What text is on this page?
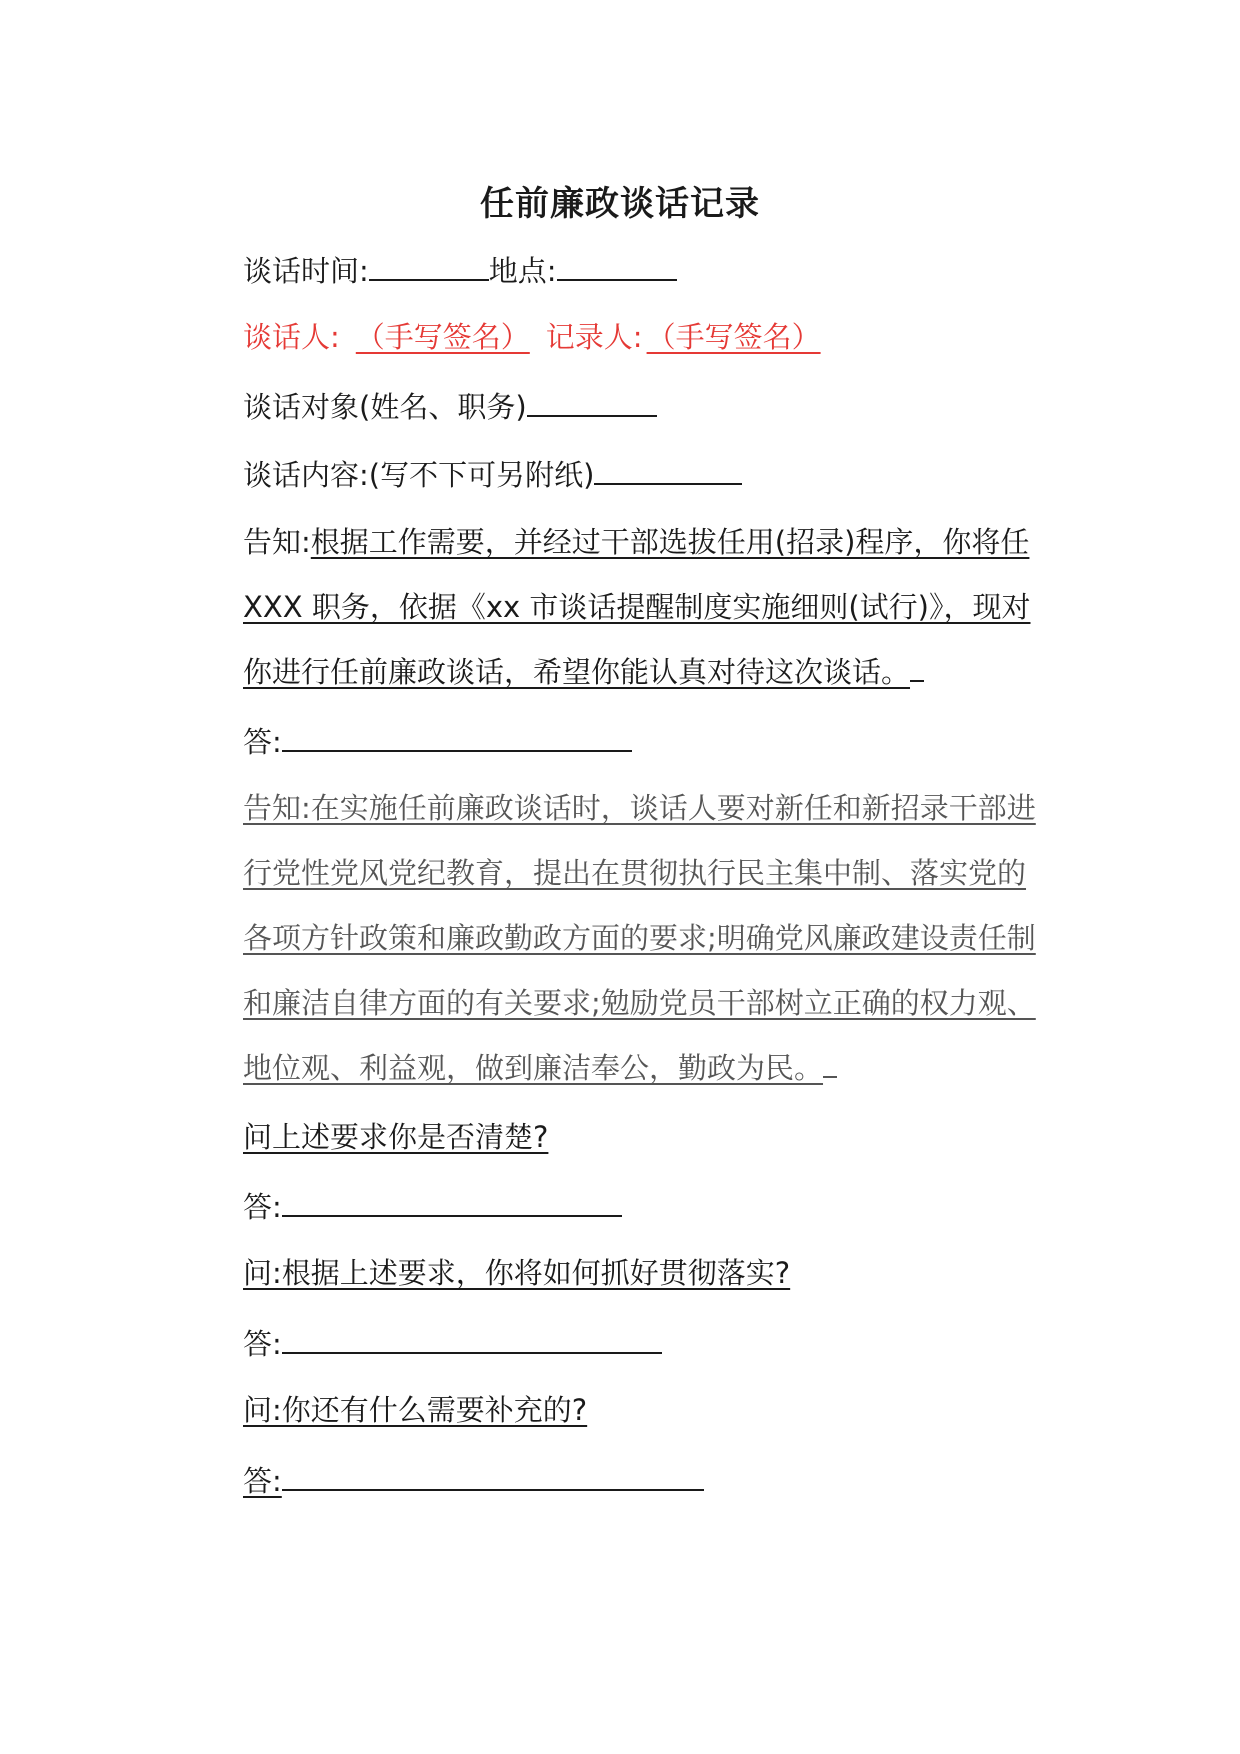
任前廉政谈话记录
谈话时间:	地点:
谈话人: （手写签名） 记录人: （手写签名）
谈话对象(姓名、职务)
谈话内容:(写不下可另附纸)
告知:根据工作需要，并经过干部选拔任用(招录)程序，你将任
XXX 职务，依据《xx 市谈话提醒制度实施细则(试行)》，现对
你进行任前廉政谈话，希望你能认真对待这次谈话。
答:
告知:在实施任前廉政谈话时，谈话人要对新任和新招录干部进
行党性党风党纪教育，提出在贯彻执行民主集中制、落实党的
各项方针政策和廉政勤政方面的要求;明确党风廉政建设责任制
和廉洁自律方面的有关要求;勉励党员干部树立正确的权力观、
地位观、利益观，做到廉洁奉公，勤政为民。
问上述要求你是否清楚?
答:
问:根据上述要求，你将如何抓好贯彻落实?
答:
问:你还有什么需要补充的?
答:
